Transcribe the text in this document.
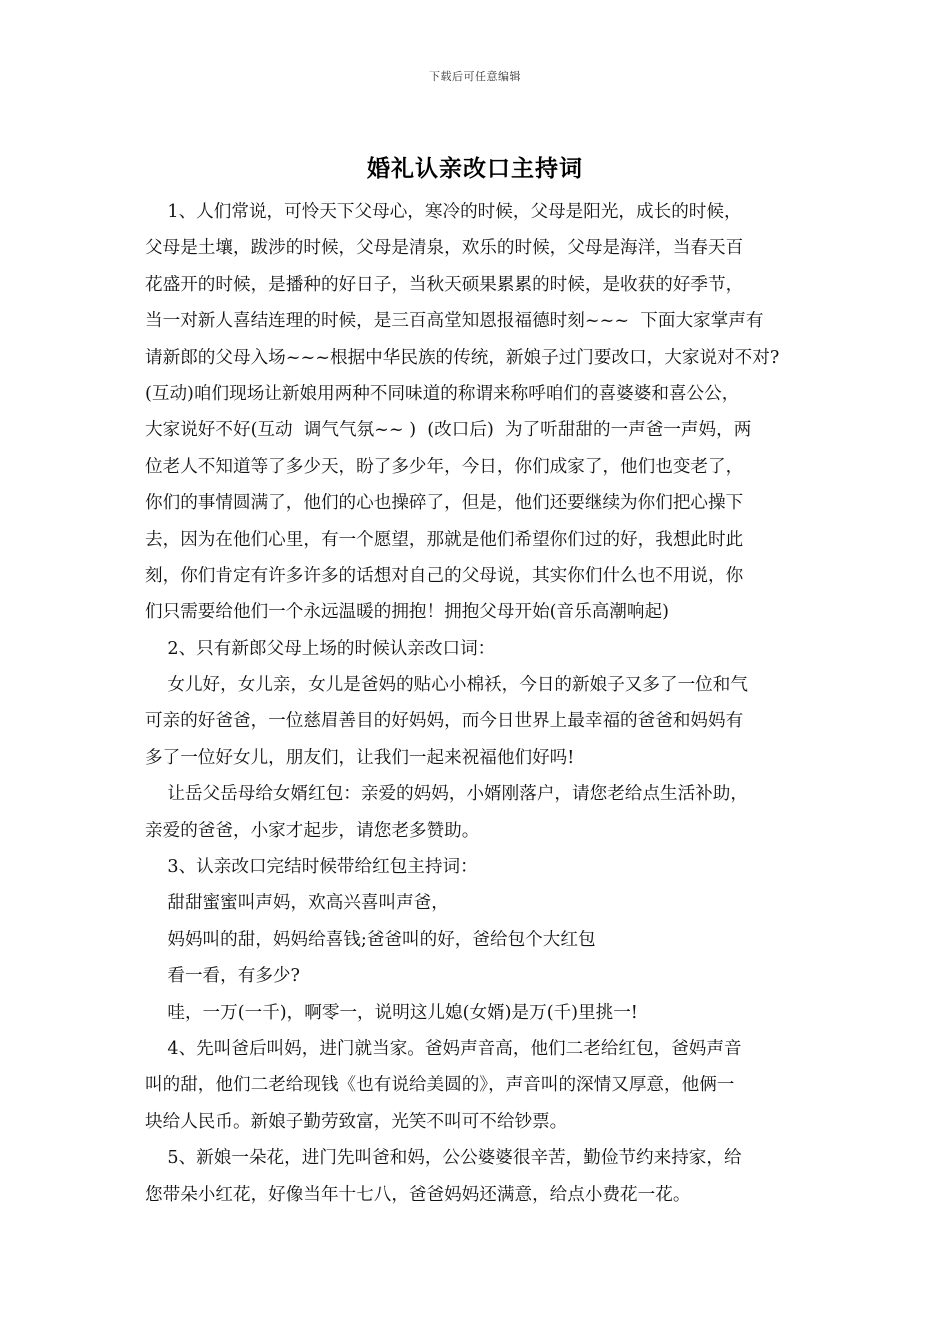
下载后可任意编辑
婚礼认亲改口主持词
1、人们常说，可怜天下父母心，寒冷的时候，父母是阳光，成长的时候，
父母是土壤，跋涉的时候，父母是清泉，欢乐的时候，父母是海洋，当春天百
花盛开的时候，是播种的好日子，当秋天硕果累累的时候，是收获的好季节，
当一对新人喜结连理的时候，是三百高堂知恩报福德时刻~~~  下面大家掌声有
请新郎的父母入场~~~根据中华民族的传统，新娘子过门要改口，大家说对不对?
(互动)咱们现场让新娘用两种不同味道的称谓来称呼咱们的喜婆婆和喜公公，
大家说好不好(互动  调气气氛~~ )  (改口后)  为了听甜甜的一声爸一声妈，两
位老人不知道等了多少天，盼了多少年，今日，你们成家了，他们也变老了，
你们的事情圆满了，他们的心也操碎了，但是，他们还要继续为你们把心操下
去，因为在他们心里，有一个愿望，那就是他们希望你们过的好，我想此时此
刻，你们肯定有许多许多的话想对自己的父母说，其实你们什么也不用说，你
们只需要给他们一个永远温暖的拥抱！拥抱父母开始(音乐高潮响起)
2、只有新郎父母上场的时候认亲改口词：
女儿好，女儿亲，女儿是爸妈的贴心小棉袄，今日的新娘子又多了一位和气
可亲的好爸爸，一位慈眉善目的好妈妈，而今日世界上最幸福的爸爸和妈妈有
多了一位好女儿，朋友们，让我们一起来祝福他们好吗!
让岳父岳母给女婿红包：亲爱的妈妈，小婿刚落户，请您老给点生活补助，
亲爱的爸爸，小家才起步，请您老多赞助。
3、认亲改口完结时候带给红包主持词：
甜甜蜜蜜叫声妈，欢高兴喜叫声爸，
妈妈叫的甜，妈妈给喜钱;爸爸叫的好，爸给包个大红包
看一看，有多少?
哇，一万(一千)，啊零一，说明这儿媳(女婿)是万(千)里挑一!
4、先叫爸后叫妈，进门就当家。爸妈声音高，他们二老给红包，爸妈声音
叫的甜，他们二老给现钱《也有说给美圆的》，声音叫的深情又厚意，他俩一
块给人民币。新娘子勤劳致富，光笑不叫可不给钞票。
5、新娘一朵花，进门先叫爸和妈，公公婆婆很辛苦，勤俭节约来持家，给
您带朵小红花，好像当年十七八，爸爸妈妈还满意，给点小费花一花。
